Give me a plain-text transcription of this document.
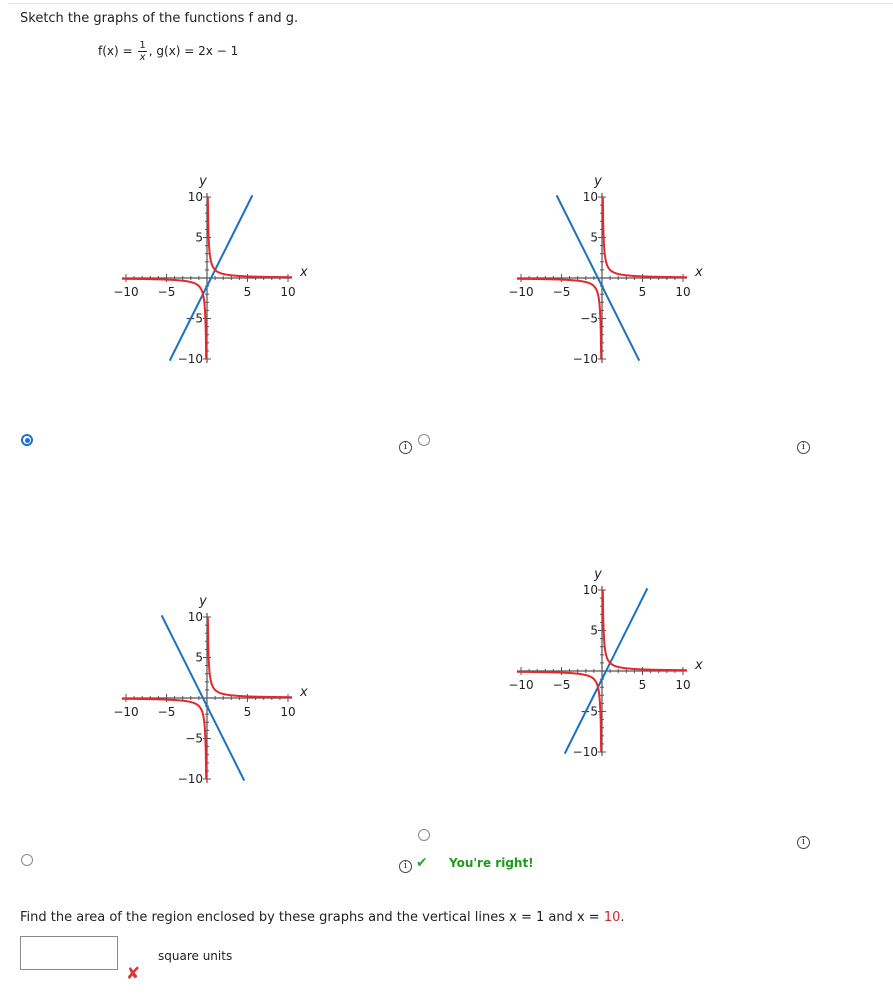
Sketch the graphs of the functions f and g.
$f(x) = \frac{1}{x}$ , g(x) = 2x − 1
−10 −5	5 10
10
5
−5
−10
x
y
−10 −5	5 10
10
5
−5
−10
x
y
−10 −5	5 10
10
5
−5
−10
x
y
−10 −5	5 10
10
5
−5
−10
x
y
i	i
i
i ✔ You're right!
Find the area of the region enclosed by these graphs and the vertical lines x = 1 and x = 10.
square units
✘
